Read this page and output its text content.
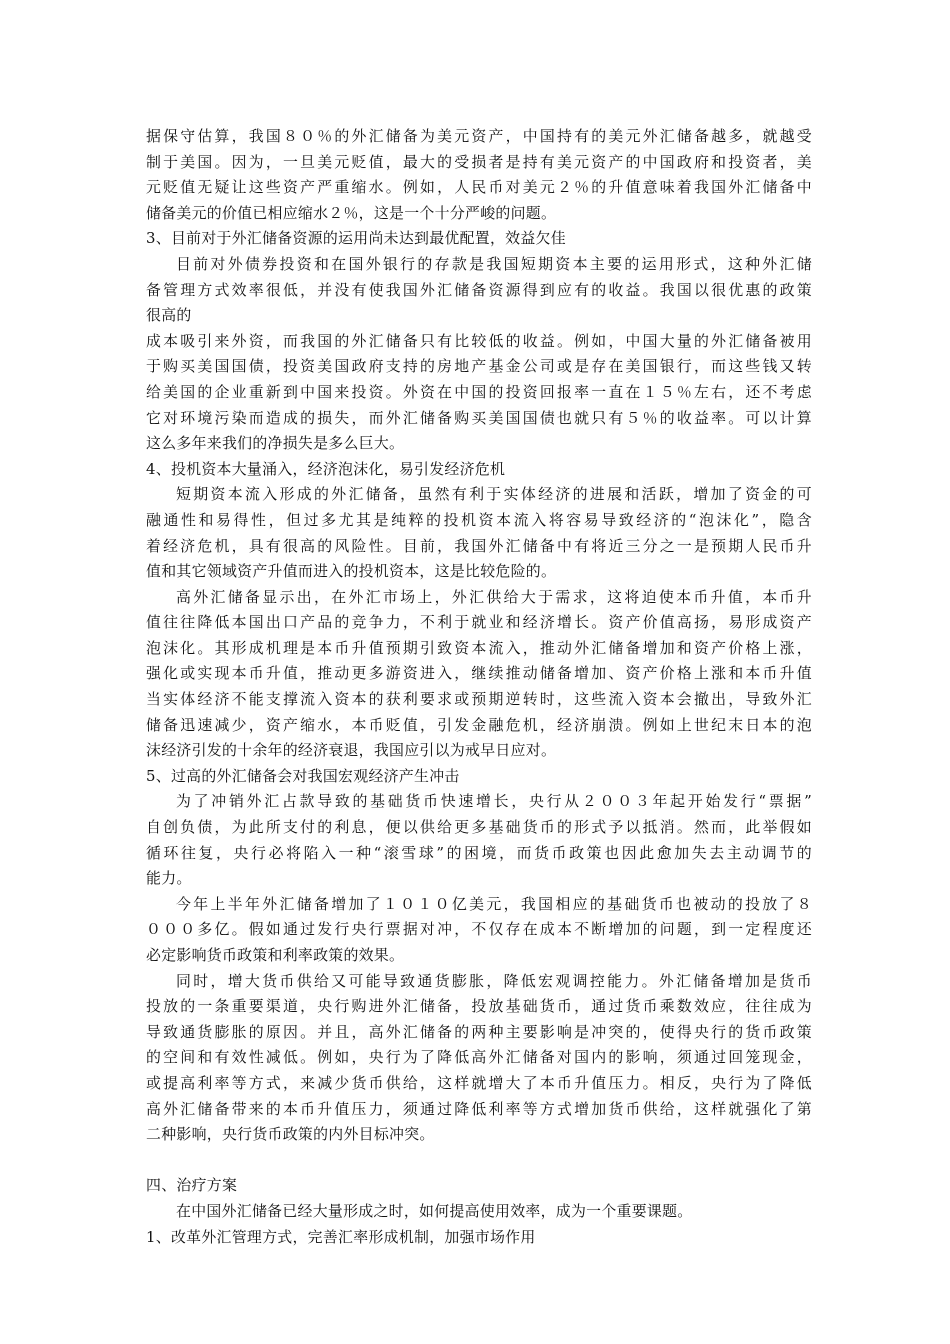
据保守估算，我国８０％的外汇储备为美元资产，中国持有的美元外汇储备越多，就越受
制于美国。因为，一旦美元贬值，最大的受损者是持有美元资产的中国政府和投资者，美
元贬值无疑让这些资产严重缩水。例如，人民币对美元２％的升值意味着我国外汇储备中
储备美元的价值已相应缩水２％，这是一个十分严峻的问题。
3、目前对于外汇储备资源的运用尚未达到最优配置，效益欠佳
目前对外债券投资和在国外银行的存款是我国短期资本主要的运用形式，这种外汇储
备管理方式效率很低，并没有使我国外汇储备资源得到应有的收益。我国以很优惠的政策
很高的
成本吸引来外资，而我国的外汇储备只有比较低的收益。例如，中国大量的外汇储备被用
于购买美国国债，投资美国政府支持的房地产基金公司或是存在美国银行，而这些钱又转
给美国的企业重新到中国来投资。外资在中国的投资回报率一直在１５％左右，还不考虑
它对环境污染而造成的损失，而外汇储备购买美国国债也就只有５％的收益率。可以计算
这么多年来我们的净损失是多么巨大。
4、投机资本大量涌入，经济泡沫化，易引发经济危机
短期资本流入形成的外汇储备，虽然有利于实体经济的进展和活跃，增加了资金的可
融通性和易得性，但过多尤其是纯粹的投机资本流入将容易导致经济的“泡沫化”，隐含
着经济危机，具有很高的风险性。目前，我国外汇储备中有将近三分之一是预期人民币升
值和其它领域资产升值而进入的投机资本，这是比较危险的。
高外汇储备显示出，在外汇市场上，外汇供给大于需求，这将迫使本币升值，本币升
值往往降低本国出口产品的竞争力，不利于就业和经济增长。资产价值高扬，易形成资产
泡沫化。其形成机理是本币升值预期引致资本流入，推动外汇储备增加和资产价格上涨，
强化或实现本币升值，推动更多游资进入，继续推动储备增加、资产价格上涨和本币升值
当实体经济不能支撑流入资本的获利要求或预期逆转时，这些流入资本会撤出，导致外汇
储备迅速减少，资产缩水，本币贬值，引发金融危机，经济崩溃。例如上世纪末日本的泡
沫经济引发的十余年的经济衰退，我国应引以为戒早日应对。
5、过高的外汇储备会对我国宏观经济产生冲击
为了冲销外汇占款导致的基础货币快速增长，央行从２００３年起开始发行“票据”
自创负债，为此所支付的利息，便以供给更多基础货币的形式予以抵消。然而，此举假如
循环往复，央行必将陷入一种“滚雪球”的困境，而货币政策也因此愈加失去主动调节的
能力。
今年上半年外汇储备增加了１０１０亿美元，我国相应的基础货币也被动的投放了８
０００多亿。假如通过发行央行票据对冲，不仅存在成本不断增加的问题，到一定程度还
必定影响货币政策和利率政策的效果。
同时，增大货币供给又可能导致通货膨胀，降低宏观调控能力。外汇储备增加是货币
投放的一条重要渠道，央行购进外汇储备，投放基础货币，通过货币乘数效应，往往成为
导致通货膨胀的原因。并且，高外汇储备的两种主要影响是冲突的，使得央行的货币政策
的空间和有效性减低。例如，央行为了降低高外汇储备对国内的影响，须通过回笼现金，
或提高利率等方式，来减少货币供给，这样就增大了本币升值压力。相反，央行为了降低
高外汇储备带来的本币升值压力，须通过降低利率等方式增加货币供给，这样就强化了第
二种影响，央行货币政策的内外目标冲突。
四、治疗方案
在中国外汇储备已经大量形成之时，如何提高使用效率，成为一个重要课题。
1、改革外汇管理方式，完善汇率形成机制，加强市场作用
